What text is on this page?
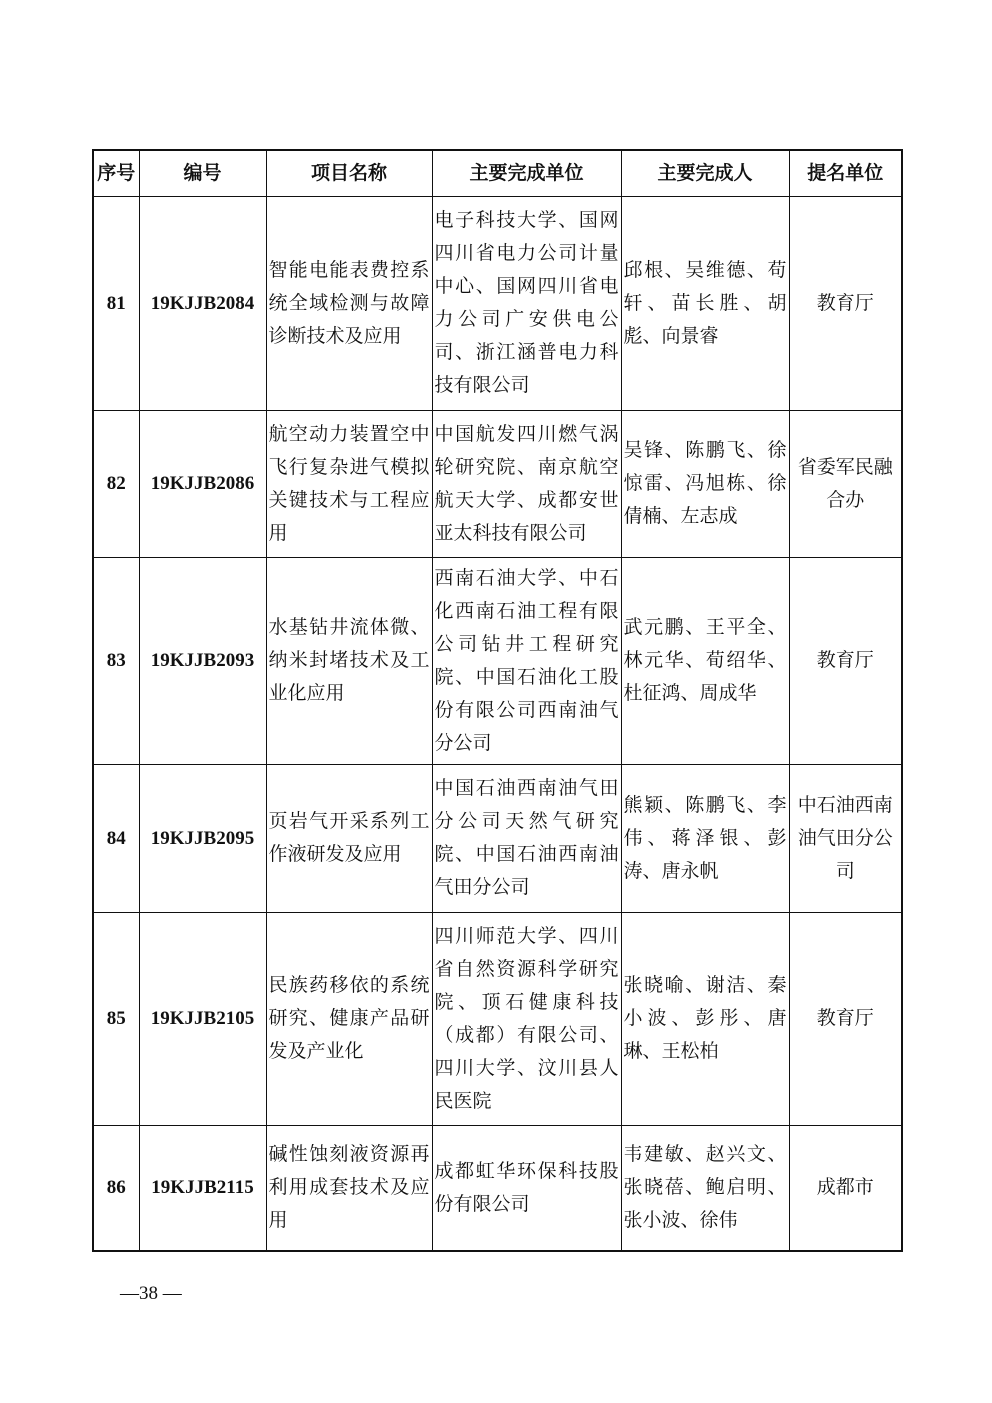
序号	编号	项目名称	主要完成单位	主要完成人	提名单位
81	19KJJB2084	智能电能表费控系统全域检测与故障诊断技术及应用	电子科技大学、国网四川省电力公司计量中心、国网四川省电力公司广安供电公司、浙江涵普电力科技有限公司	邱根、吴维德、苟轩、苗长胜、胡彪、向景睿	教育厅
82	19KJJB2086	航空动力装置空中飞行复杂进气模拟关键技术与工程应用	中国航发四川燃气涡轮研究院、南京航空航天大学、成都安世亚太科技有限公司	吴锋、陈鹏飞、徐惊雷、冯旭栋、徐倩楠、左志成	省委军民融合办
83	19KJJB2093	水基钻井流体微、纳米封堵技术及工业化应用	西南石油大学、中石化西南石油工程有限公司钻井工程研究院、中国石油化工股份有限公司西南油气分公司	武元鹏、王平全、林元华、荀绍华、杜征鸿、周成华	教育厅
84	19KJJB2095	页岩气开采系列工作液研发及应用	中国石油西南油气田分公司天然气研究院、中国石油西南油气田分公司	熊颖、陈鹏飞、李伟、蒋泽银、彭涛、唐永帆	中石油西南油气田分公司
85	19KJJB2105	民族药移依的系统研究、健康产品研发及产业化	四川师范大学、四川省自然资源科学研究院、顶石健康科技（成都）有限公司、四川大学、汶川县人民医院	张晓喻、谢洁、秦小波、彭彤、唐琳、王松柏	教育厅
86	19KJJB2115	碱性蚀刻液资源再利用成套技术及应用	成都虹华环保科技股份有限公司	韦建敏、赵兴文、张晓蓓、鲍启明、张小波、徐伟	成都市
—38 —
